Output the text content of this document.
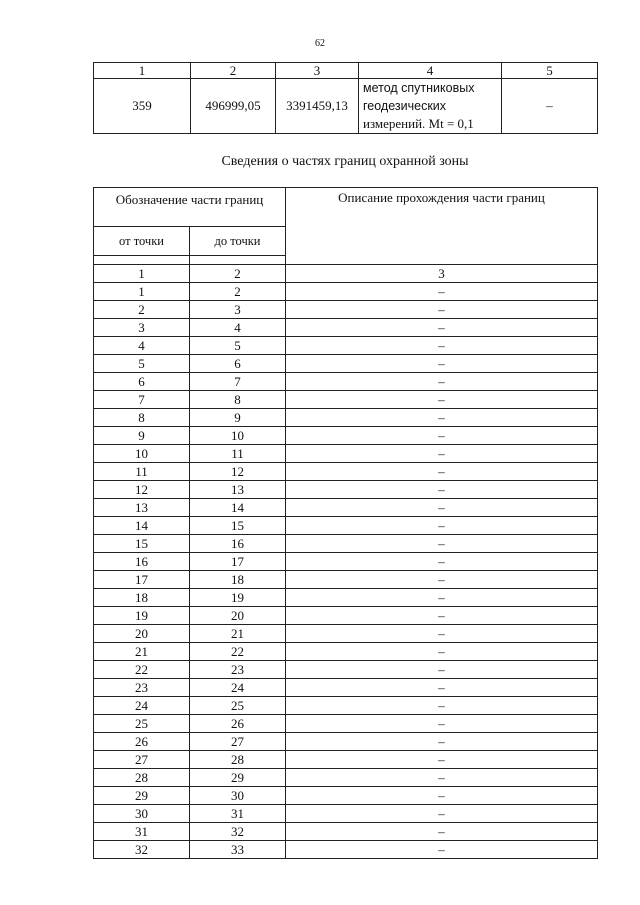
62
1	2	3	4	5
359	496999,05	3391459,13	метод спутниковых
геодезических
измерений. Mt = 0,1	–
Сведения о частях границ охранной зоны
Обозначение части границ		Описание прохождения части границ
от точки	до точки	

1	2	3
1	2	–
2	3	–
3	4	–
4	5	–
5	6	–
6	7	–
7	8	–
8	9	–
9	10	–
10	11	–
11	12	–
12	13	–
13	14	–
14	15	–
15	16	–
16	17	–
17	18	–
18	19	–
19	20	–
20	21	–
21	22	–
22	23	–
23	24	–
24	25	–
25	26	–
26	27	–
27	28	–
28	29	–
29	30	–
30	31	–
31	32	–
32	33	–
